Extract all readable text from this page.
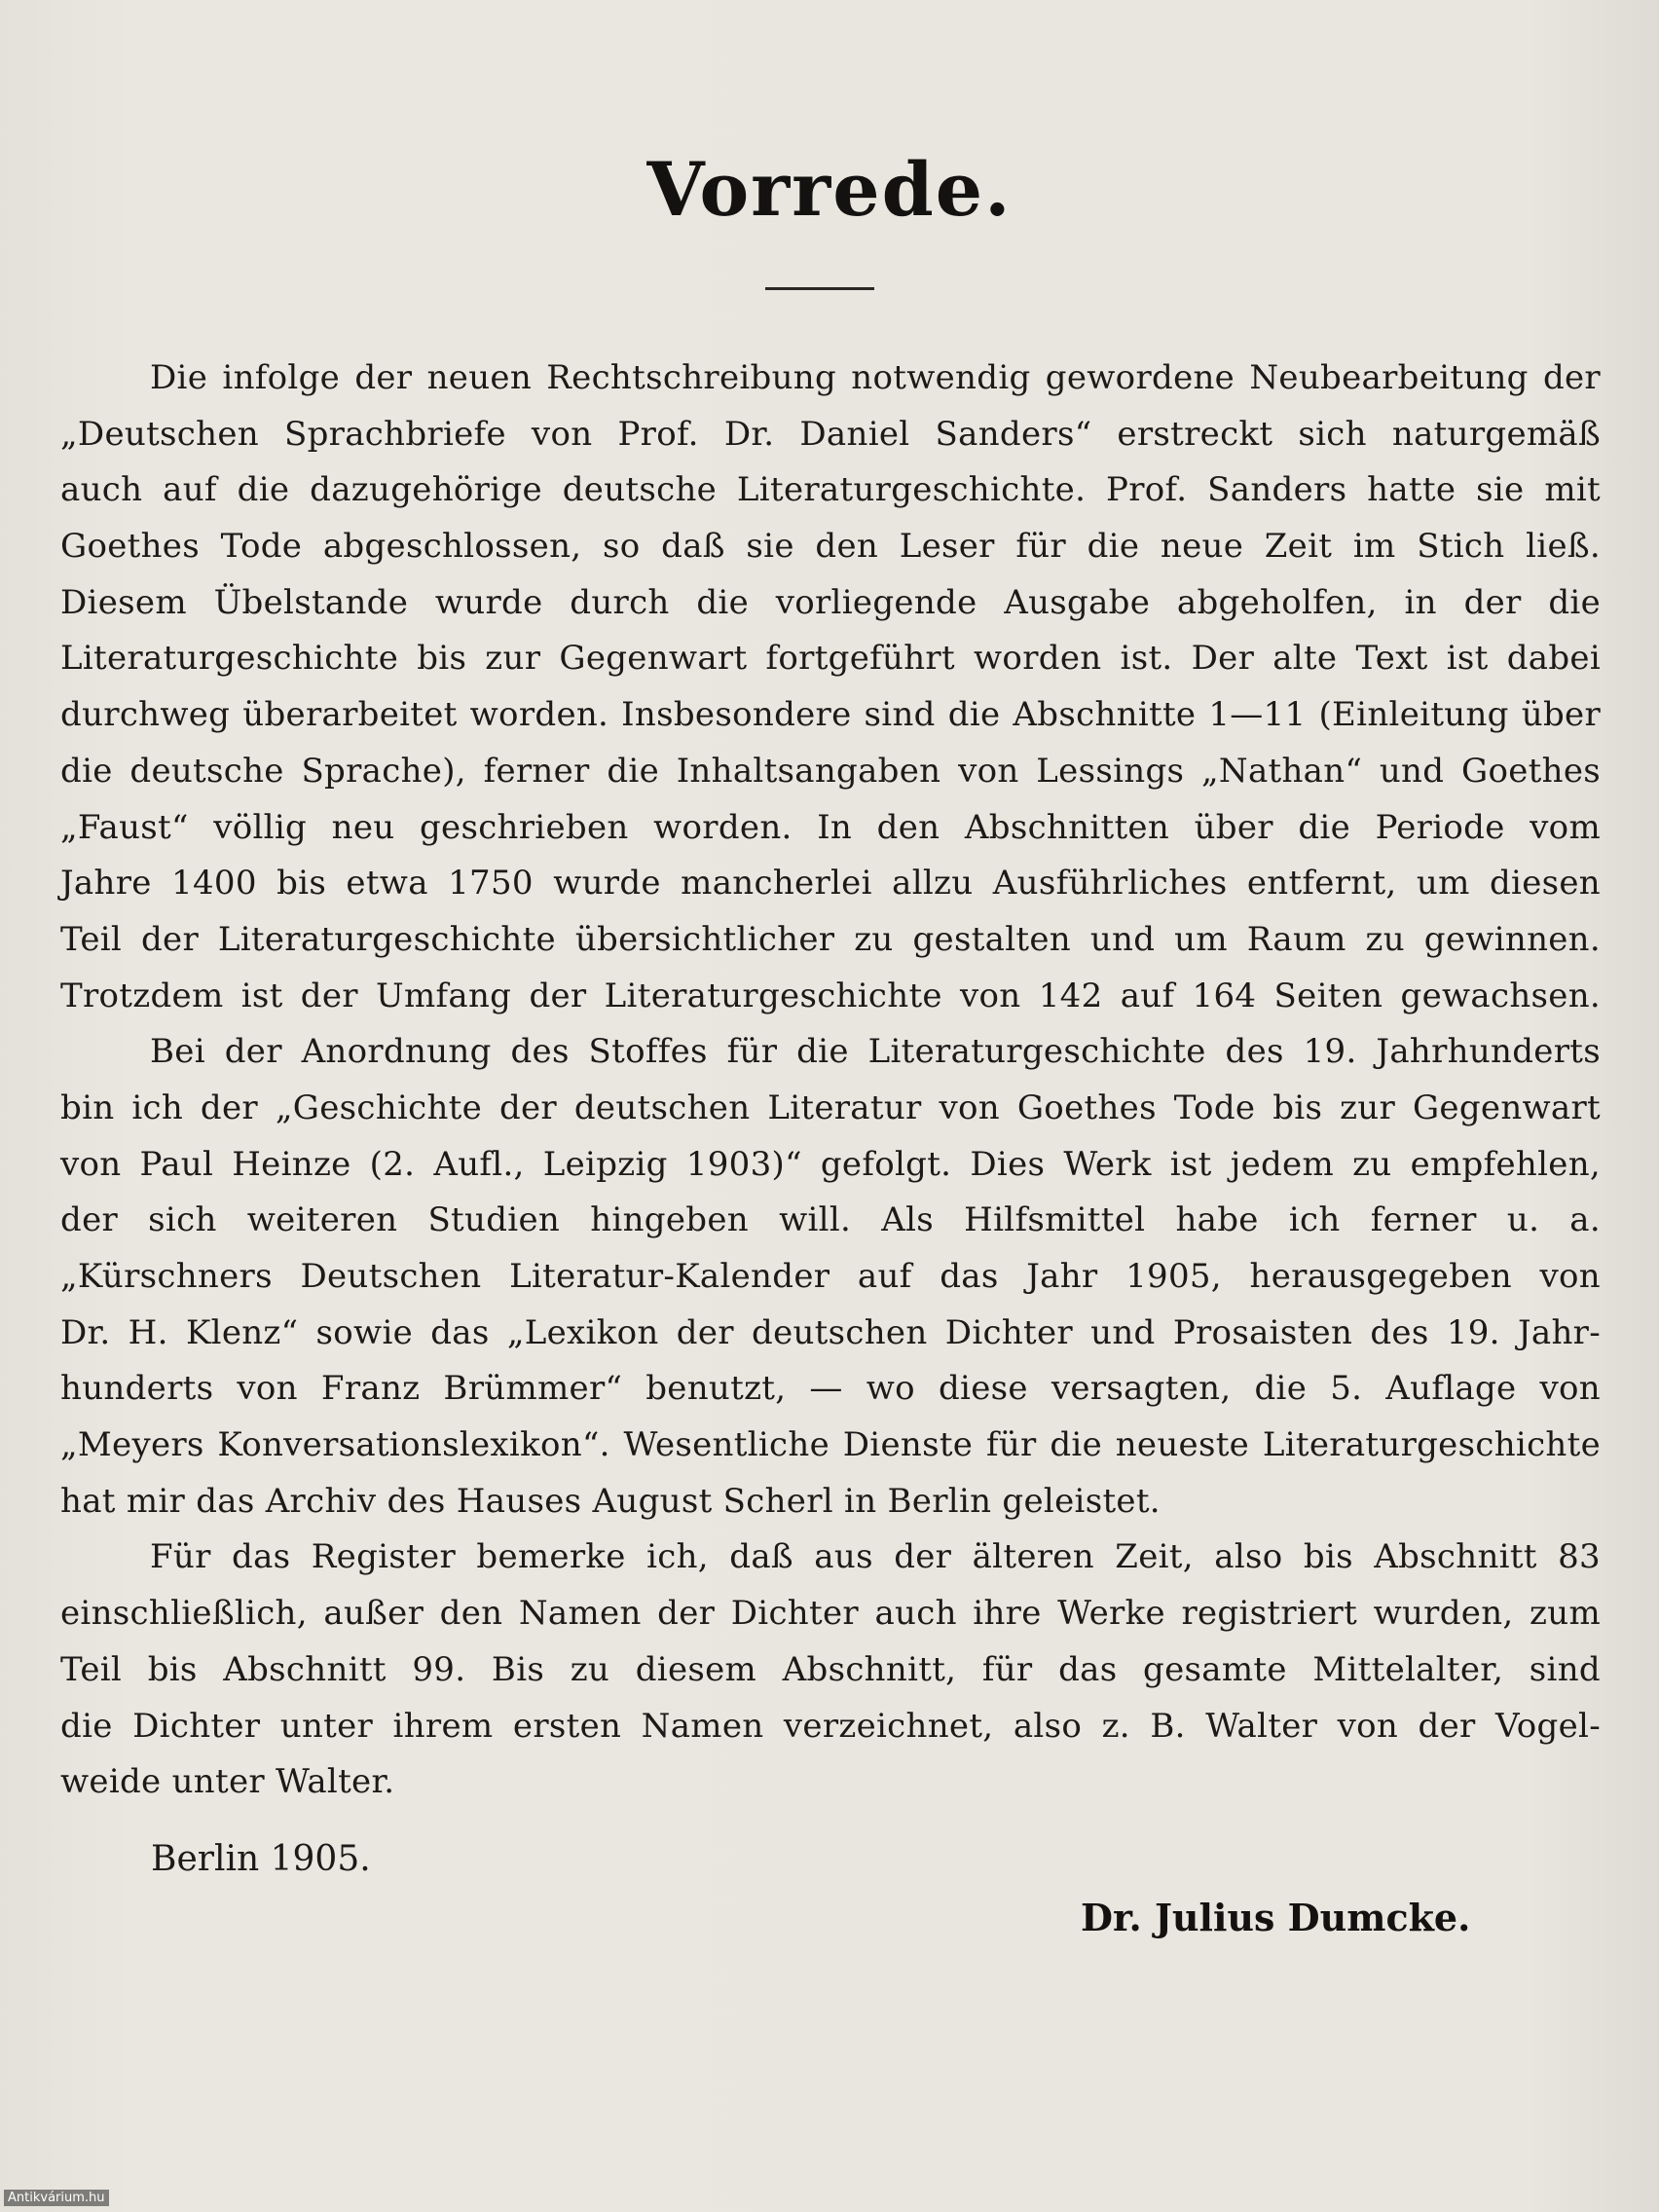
Vorrede.
Die infolge der neuen Rechtschreibung notwendig gewordene Neubearbeitung der
„Deutschen Sprachbriefe von Prof. Dr. Daniel Sanders“ erstreckt sich naturgemäß
auch auf die dazugehörige deutsche Literaturgeschichte. Prof. Sanders hatte sie mit
Goethes Tode abgeschlossen, so daß sie den Leser für die neue Zeit im Stich ließ.
Diesem Übelstande wurde durch die vorliegende Ausgabe abgeholfen, in der die
Literaturgeschichte bis zur Gegenwart fortgeführt worden ist. Der alte Text ist dabei
durchweg überarbeitet worden. Insbesondere sind die Abschnitte 1—11 (Einleitung über
die deutsche Sprache), ferner die Inhaltsangaben von Lessings „Nathan“ und Goethes
„Faust“ völlig neu geschrieben worden. In den Abschnitten über die Periode vom
Jahre 1400 bis etwa 1750 wurde mancherlei allzu Ausführliches entfernt, um diesen
Teil der Literaturgeschichte übersichtlicher zu gestalten und um Raum zu gewinnen.
Trotzdem ist der Umfang der Literaturgeschichte von 142 auf 164 Seiten gewachsen.
Bei der Anordnung des Stoffes für die Literaturgeschichte des 19. Jahrhunderts
bin ich der „Geschichte der deutschen Literatur von Goethes Tode bis zur Gegenwart
von Paul Heinze (2. Aufl., Leipzig 1903)“ gefolgt. Dies Werk ist jedem zu empfehlen,
der sich weiteren Studien hingeben will. Als Hilfsmittel habe ich ferner u. a.
„Kürschners Deutschen Literatur-Kalender auf das Jahr 1905, herausgegeben von
Dr. H. Klenz“ sowie das „Lexikon der deutschen Dichter und Prosaisten des 19. Jahr-
hunderts von Franz Brümmer“ benutzt, — wo diese versagten, die 5. Auflage von
„Meyers Konversationslexikon“. Wesentliche Dienste für die neueste Literaturgeschichte
hat mir das Archiv des Hauses August Scherl in Berlin geleistet.
Für das Register bemerke ich, daß aus der älteren Zeit, also bis Abschnitt 83
einschließlich, außer den Namen der Dichter auch ihre Werke registriert wurden, zum
Teil bis Abschnitt 99. Bis zu diesem Abschnitt, für das gesamte Mittelalter, sind
die Dichter unter ihrem ersten Namen verzeichnet, also z. B. Walter von der Vogel-
weide unter Walter.
Berlin 1905.
Dr. Julius Dumcke.
Antikvárium.hu
